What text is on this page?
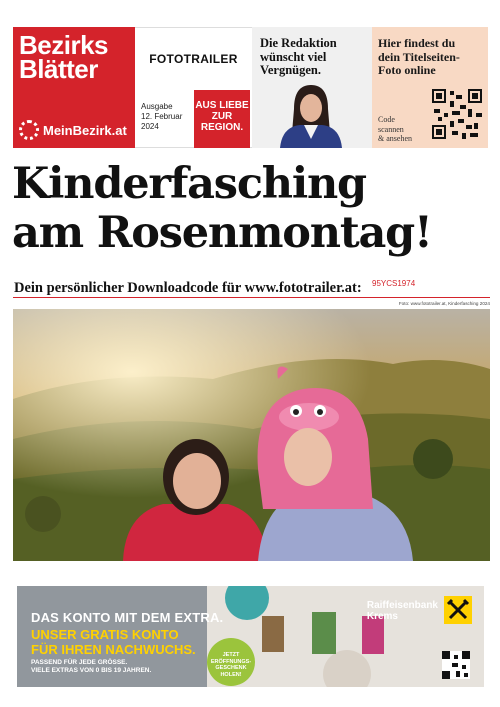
Bezirks
Blätter
MeinBezirk.at
FOTOTRAILER
Ausgabe
12. Februar
2024
AUS LIEBE
ZUR
REGION.
Die Redaktion
wünscht viel
Vergnügen.
Hier findest du
dein Titelseiten-
Foto online
Code
scannen
& ansehen
Kinderfasching
am Rosenmontag!
Dein persönlicher Downloadcode für www.fototrailer.at: 95YCS1974
Foto: www.fototrailer.at, Kinderfasching 2024
DAS KONTO MIT DEM EXTRA.
UNSER GRATIS KONTO
FÜR IHREN NACHWUCHS.
PASSEND FÜR JEDE GRÖSSE.
VIELE EXTRAS VON 0 BIS 19 JAHREN.
JETZT
ERÖFFNUNGS-
GESCHENK
HOLEN!
Raiffeisenbank
Krems
